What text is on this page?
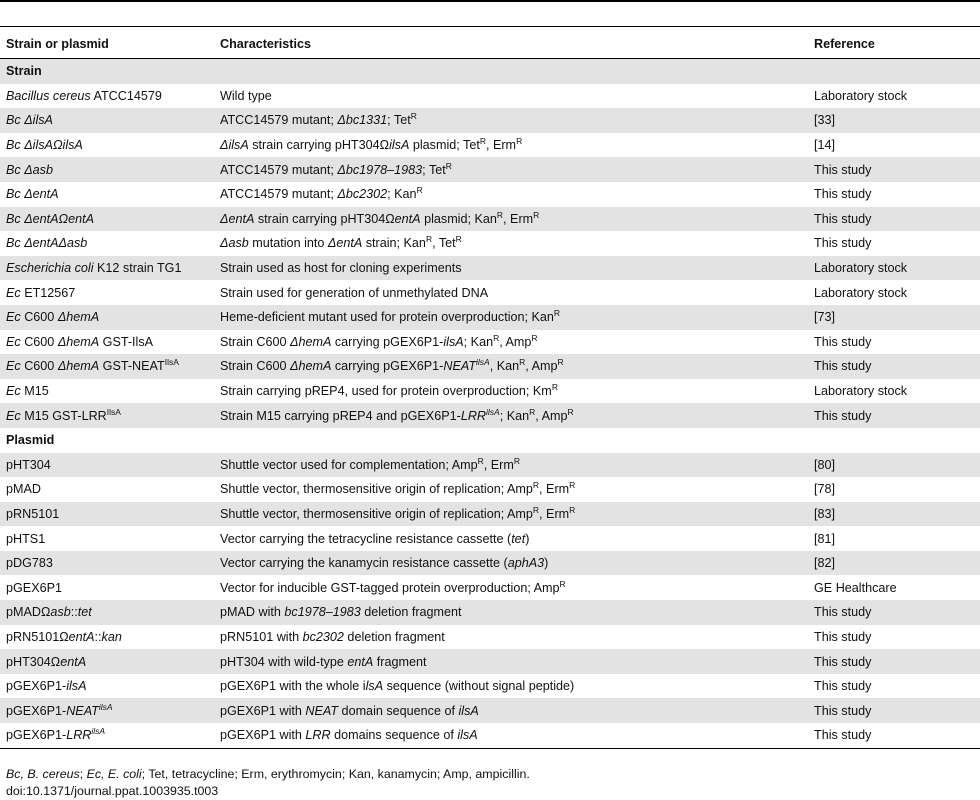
Strain or plasmid	Characteristics	Reference
Strain		
Bacillus cereus ATCC14579	Wild type	Laboratory stock
Bc ΔilsA	ATCC14579 mutant; Δbc1331; Tet$^R$	[33]
Bc ΔilsAΩilsA	ΔilsA strain carrying pHT304ΩilsA plasmid; Tet$^R$, Erm$^R$	[14]
Bc Δasb	ATCC14579 mutant; Δbc1978–1983; Tet$^R$	This study
Bc ΔentA	ATCC14579 mutant; Δbc2302; Kan$^R$	This study
Bc ΔentAΩentA	ΔentA strain carrying pHT304ΩentA plasmid; Kan$^R$, Erm$^R$	This study
Bc ΔentAΔasb	Δasb mutation into ΔentA strain; Kan$^R$, Tet$^R$	This study
Escherichia coli K12 strain TG1	Strain used as host for cloning experiments	Laboratory stock
Ec ET12567	Strain used for generation of unmethylated DNA	Laboratory stock
Ec C600 ΔhemA	Heme-deficient mutant used for protein overproduction; Kan$^R$	[73]
Ec C600 ΔhemA GST-IlsA	Strain C600 ΔhemA carrying pGEX6P1-ilsA; Kan$^R$, Amp$^R$	This study
Ec C600 ΔhemA GST-$NEAT^{IlsA}$	Strain C600 ΔhemA carrying $pGEX6P1-NEAT^{ilsA}$, Kan$^R$, Amp$^R$	This study
Ec M15	Strain carrying pREP4, used for protein overproduction; $Km^R$	Laboratory stock
Ec M15 GST-$LRR^{IlsA}$	Strain M15 carrying pREP4 and $pGEX6P1-LRR^{ilsA}$; Kan$^R$, Amp$^R$	This study
Plasmid		
pHT304	Shuttle vector used for complementation; Amp$^R$, Erm$^R$	[80]
pMAD	Shuttle vector, thermosensitive origin of replication; Amp$^R$, Erm$^R$	[78]
pRN5101	Shuttle vector, thermosensitive origin of replication; Amp$^R$, Erm$^R$	[83]
pHTS1	Vector carrying the tetracycline resistance cassette (tet)	[81]
pDG783	Vector carrying the kanamycin resistance cassette (aphA3)	[82]
pGEX6P1	Vector for inducible GST-tagged protein overproduction; Amp$^R$	GE Healthcare
pMADΩasb::tet	pMAD with bc1978–1983 deletion fragment	This study
pRN5101ΩentA::kan	pRN5101 with bc2302 deletion fragment	This study
pHT304ΩentA	pHT304 with wild-type entA fragment	This study
pGEX6P1-ilsA	pGEX6P1 with the whole ilsA sequence (without signal peptide)	This study
$pGEX6P1-NEAT^{ilsA}$	pGEX6P1 with NEAT domain sequence of ilsA	This study
$pGEX6P1-LRR^{ilsA}$	pGEX6P1 with LRR domains sequence of ilsA	This study
Bc, B. cereus; Ec, E. coli; Tet, tetracycline; Erm, erythromycin; Kan, kanamycin; Amp, ampicillin.
doi:10.1371/journal.ppat.1003935.t003
